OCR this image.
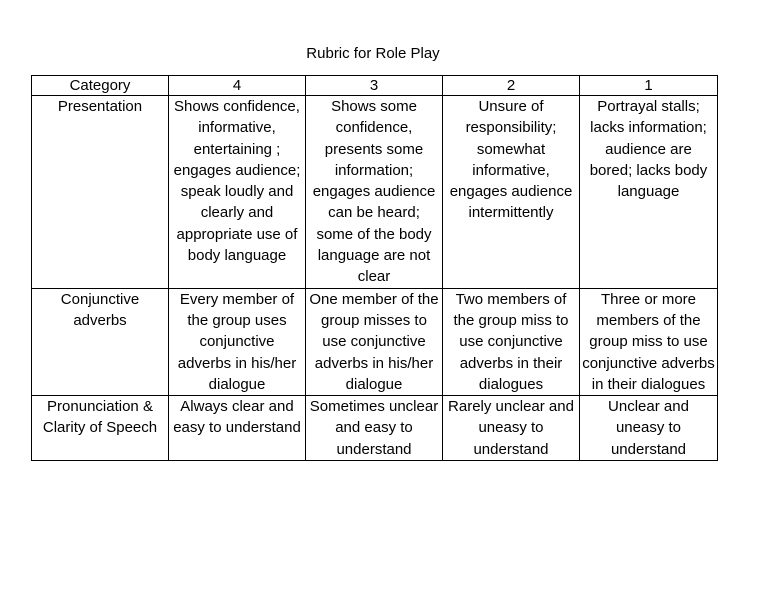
Rubric for Role Play
Category	4	3	2	1
Presentation	Shows confidence, informative, entertaining ; engages audience; speak loudly and clearly and appropriate use of body language	Shows some confidence, presents some information; engages audience can be heard; some of the body language are not clear	Unsure of responsibility; somewhat informative, engages audience intermittently	Portrayal stalls; lacks information; audience are bored; lacks body language
Conjunctive adverbs	Every member of the group uses conjunctive adverbs in his/her dialogue	One member of the group misses to use conjunctive adverbs in his/her dialogue	Two members of the group miss to use conjunctive adverbs in their dialogues	Three or more members of the group miss to use conjunctive adverbs in their dialogues
Pronunciation & Clarity of Speech	Always clear and easy to understand	Sometimes unclear and easy to understand	Rarely unclear and uneasy to understand	Unclear and uneasy to understand
